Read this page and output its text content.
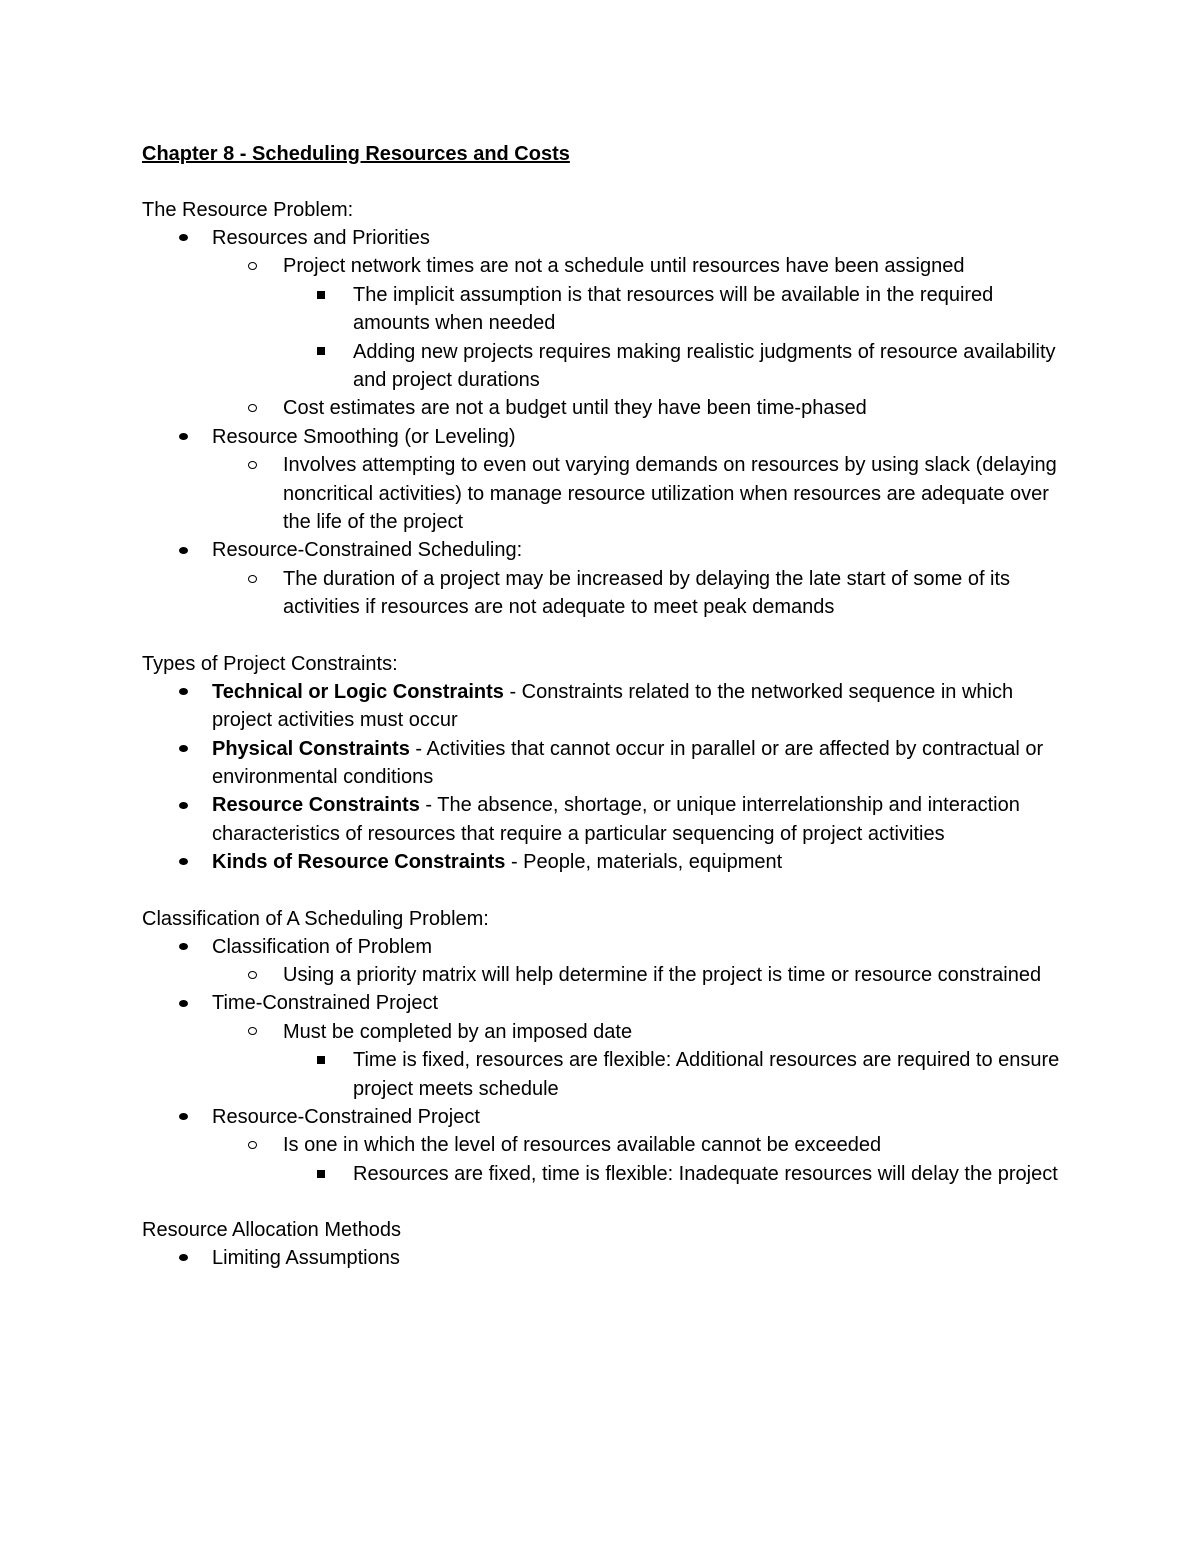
Chapter 8 - Scheduling Resources and Costs

The Resource Problem:

Resources and Priorities
Project network times are not a schedule until resources have been assigned
The implicit assumption is that resources will be available in the required amounts when needed
Adding new projects requires making realistic judgments of resource availability and project durations
Cost estimates are not a budget until they have been time-phased
Resource Smoothing (or Leveling)
Involves attempting to even out varying demands on resources by using slack (delaying noncritical activities) to manage resource utilization when resources are adequate over the life of the project
Resource-Constrained Scheduling:
The duration of a project may be increased by delaying the late start of some of its activities if resources are not adequate to meet peak demands

Types of Project Constraints:

Technical or Logic Constraints - Constraints related to the networked sequence in which project activities must occur
Physical Constraints - Activities that cannot occur in parallel or are affected by contractual or environmental conditions
Resource Constraints - The absence, shortage, or unique interrelationship and interaction characteristics of resources that require a particular sequencing of project activities
Kinds of Resource Constraints - People, materials, equipment

Classification of A Scheduling Problem:

Classification of Problem
Using a priority matrix will help determine if the project is time or resource constrained
Time-Constrained Project
Must be completed by an imposed date
Time is fixed, resources are flexible: Additional resources are required to ensure project meets schedule
Resource-Constrained Project
Is one in which the level of resources available cannot be exceeded
Resources are fixed, time is flexible: Inadequate resources will delay the project

Resource Allocation Methods

Limiting Assumptions
